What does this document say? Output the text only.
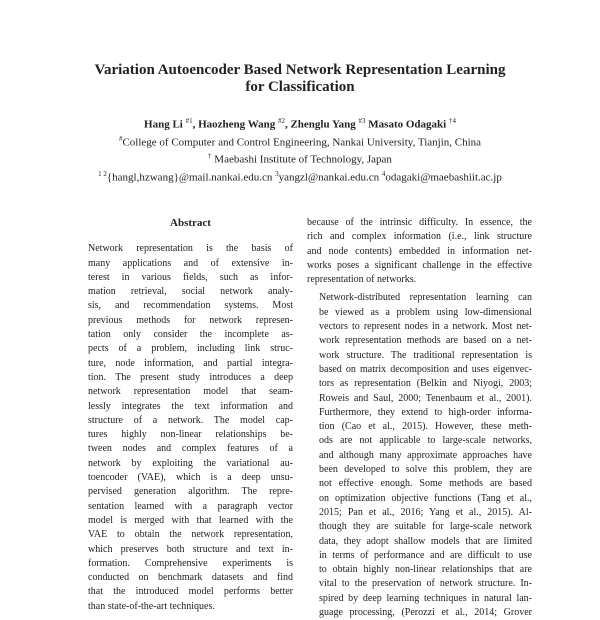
Variation Autoencoder Based Network Representation Learning
for Classification
Hang Li $^{\#1}$, Haozheng Wang $^{\#2}$, Zhenglu Yang $^{\#3}$ Masato Odagaki $^{\dagger 4}$
#College of Computer and Control Engineering, Nankai University, Tianjin, China
† Maebashi Institute of Technology, Japan
$^{1 2}${hangl,hzwang}@mail.nankai.edu.cn $^3$yangzl@nankai.edu.cn $^4$odagaki@maebashiit.ac.jp
Abstract

Network representation is the basis of
many applications and of extensive in-
terest in various fields, such as infor-
mation retrieval, social network analy-
sis, and recommendation systems. Most
previous methods for network represen-
tation only consider the incomplete as-
pects of a problem, including link struc-
ture, node information, and partial integra-
tion. The present study introduces a deep
network representation model that seam-
lessly integrates the text information and
structure of a network. The model cap-
tures highly non-linear relationships be-
tween nodes and complex features of a
network by exploiting the variational au-
toencoder (VAE), which is a deep unsu-
pervised generation algorithm. The repre-
sentation learned with a paragraph vector
model is merged with that learned with the
VAE to obtain the network representation,
which preserves both structure and text in-
formation. Comprehensive experiments is
conducted on benchmark datasets and find
that the introduced model performs better
than state-of-the-art techniques.

because of the intrinsic difficulty. In essence, the
rich and complex information (i.e., link structure
and node contents) embedded in information net-
works poses a significant challenge in the effective
representation of networks.

Network-distributed representation learning can
be viewed as a problem using low-dimensional
vectors to represent nodes in a network. Most net-
work representation methods are based on a net-
work structure. The traditional representation is
based on matrix decomposition and uses eigenvec-
tors as representation (Belkin and Niyogi, 2003;
Roweis and Saul, 2000; Tenenbaum et al., 2001).
Furthermore, they extend to high-order informa-
tion (Cao et al., 2015). However, these meth-
ods are not applicable to large-scale networks,
and although many approximate approaches have
been developed to solve this problem, they are
not effective enough. Some methods are based
on optimization objective functions (Tang et al.,
2015; Pan et al., 2016; Yang et al., 2015). Al-
though they are suitable for large-scale network
data, they adopt shallow models that are limited
in terms of performance and are difficult to use
to obtain highly non-linear relationships that are
vital to the preservation of network structure. In-
spired by deep learning techniques in natural lan-
guage processing, (Perozzi et al., 2014; Grover
